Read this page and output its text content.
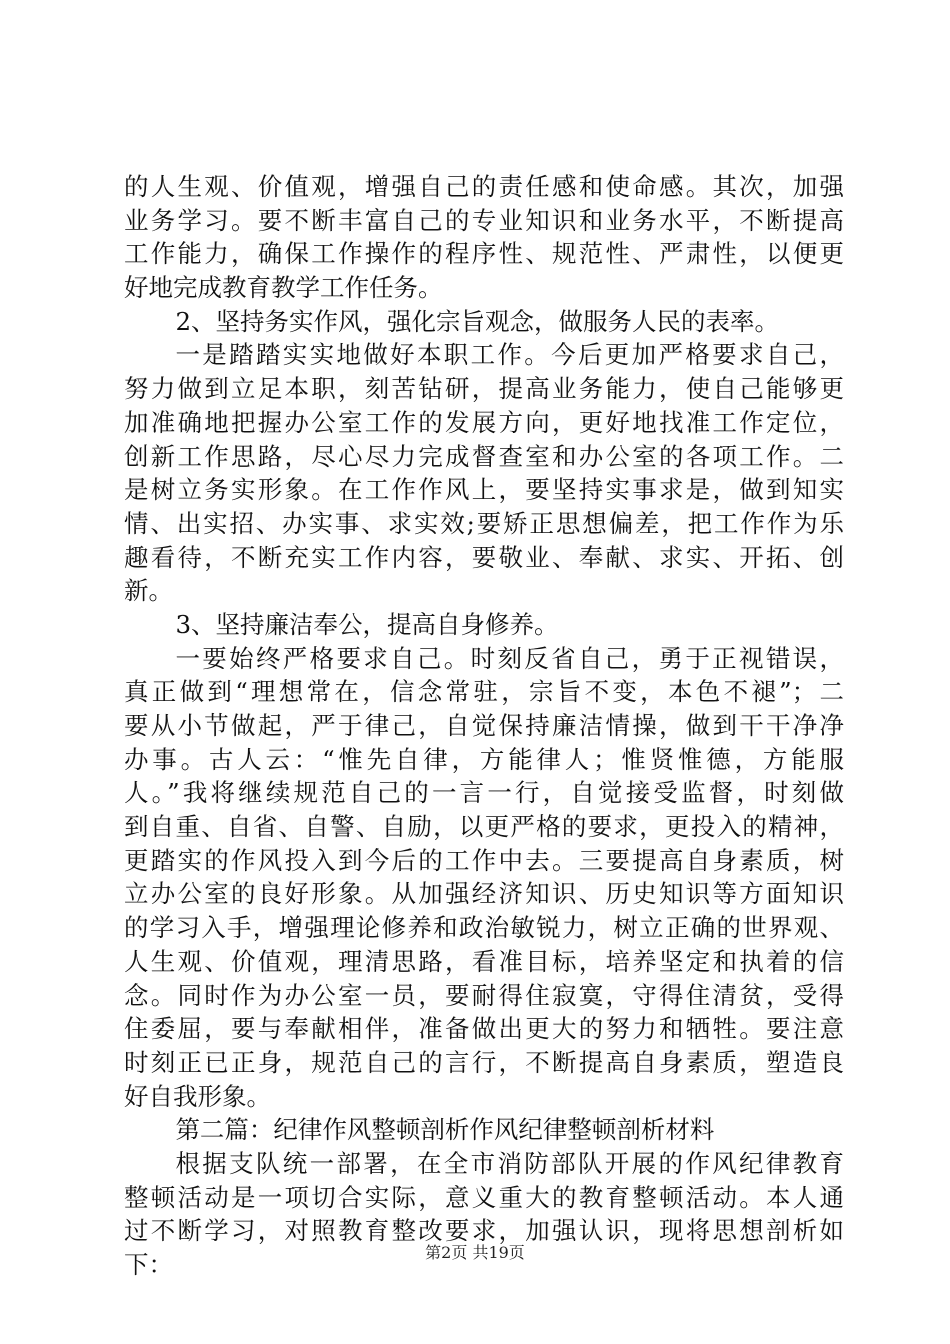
的人生观、价值观，增强自己的责任感和使命感。其次，加强
业务学习。要不断丰富自己的专业知识和业务水平，不断提高
工作能力，确保工作操作的程序性、规范性、严肃性，以便更
好地完成教育教学工作任务。
2、坚持务实作风，强化宗旨观念，做服务人民的表率。
一是踏踏实实地做好本职工作。今后更加严格要求自己，
努力做到立足本职，刻苦钻研，提高业务能力，使自己能够更
加准确地把握办公室工作的发展方向，更好地找准工作定位，
创新工作思路，尽心尽力完成督查室和办公室的各项工作。二
是树立务实形象。在工作作风上，要坚持实事求是，做到知实
情、出实招、办实事、求实效;要矫正思想偏差，把工作作为乐
趣看待，不断充实工作内容，要敬业、奉献、求实、开拓、创
新。
3、坚持廉洁奉公，提高自身修养。
一要始终严格要求自己。时刻反省自己，勇于正视错误，
真正做到“理想常在，信念常驻，宗旨不变，本色不褪”；二
要从小节做起，严于律己，自觉保持廉洁情操，做到干干净净
办事。古人云：“惟先自律，方能律人；惟贤惟德，方能服
人。”我将继续规范自己的一言一行，自觉接受监督，时刻做
到自重、自省、自警、自励，以更严格的要求，更投入的精神，
更踏实的作风投入到今后的工作中去。三要提高自身素质，树
立办公室的良好形象。从加强经济知识、历史知识等方面知识
的学习入手，增强理论修养和政治敏锐力，树立正确的世界观、
人生观、价值观，理清思路，看准目标，培养坚定和执着的信
念。同时作为办公室一员，要耐得住寂寞，守得住清贫，受得
住委屈，要与奉献相伴，准备做出更大的努力和牺牲。要注意
时刻正已正身，规范自己的言行，不断提高自身素质，塑造良
好自我形象。
第二篇：纪律作风整顿剖析作风纪律整顿剖析材料
根据支队统一部署，在全市消防部队开展的作风纪律教育
整顿活动是一项切合实际，意义重大的教育整顿活动。本人通
过不断学习，对照教育整改要求，加强认识，现将思想剖析如
下：	第2页 共19页
